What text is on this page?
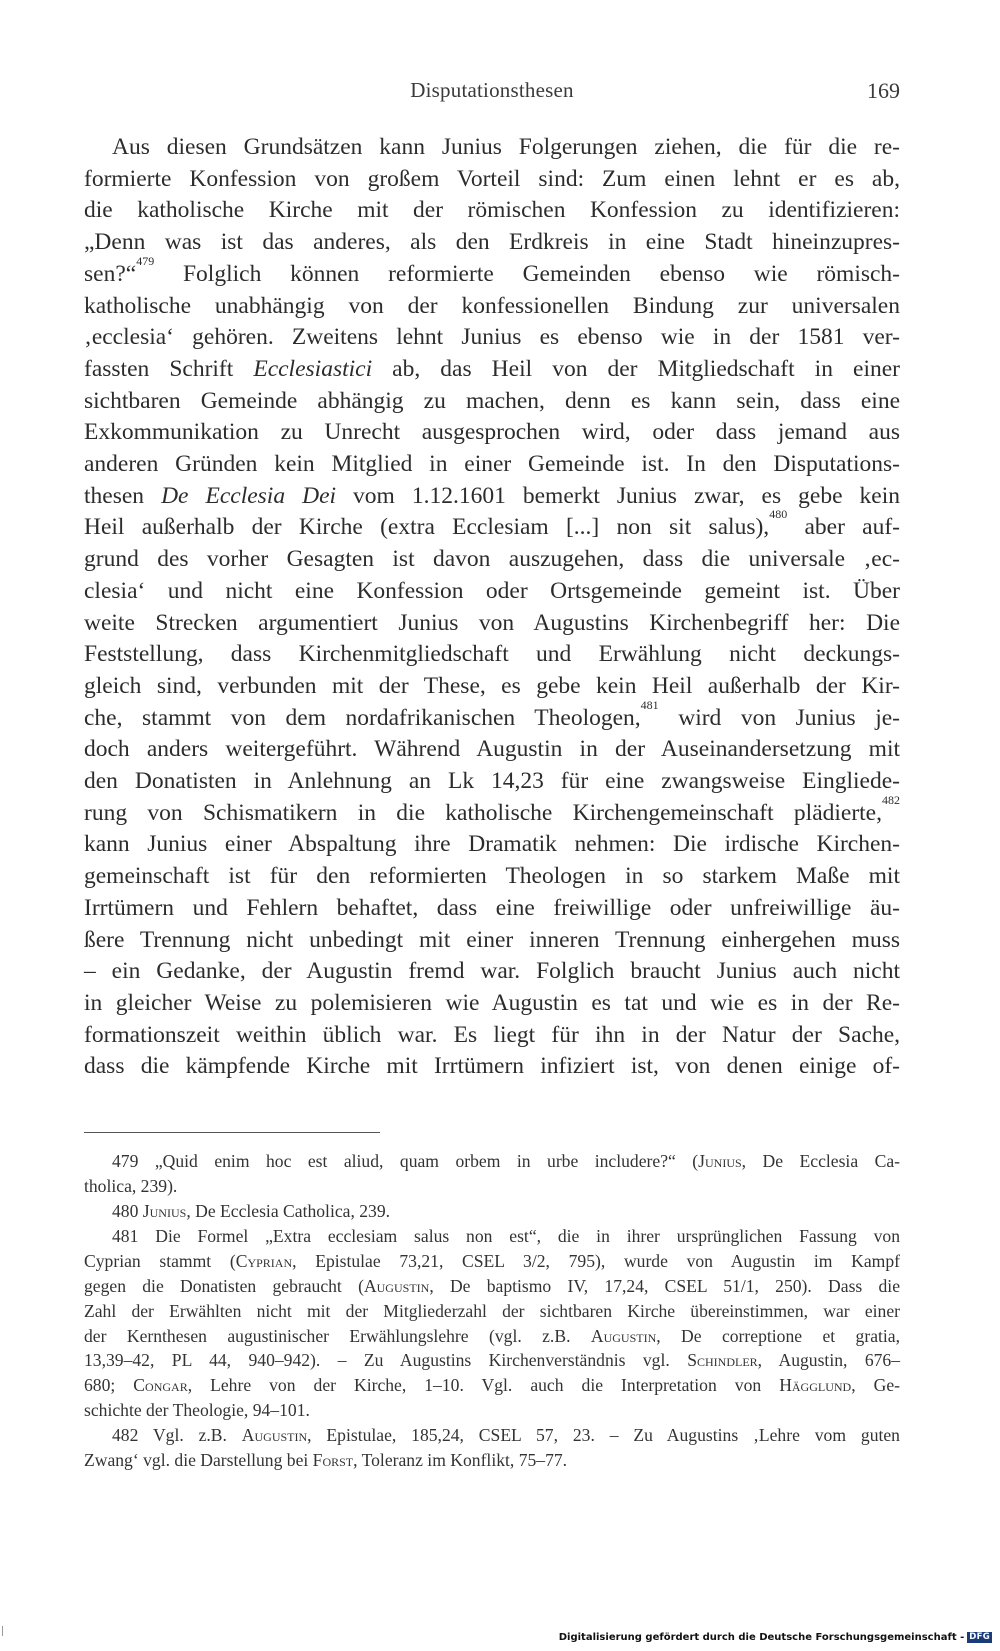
Disputationsthesen	169
Aus diesen Grundsätzen kann Junius Folgerungen ziehen, die für die re-
formierte Konfession von großem Vorteil sind: Zum einen lehnt er es ab,
die katholische Kirche mit der römischen Konfession zu identifizieren:
„Denn was ist das anderes, als den Erdkreis in eine Stadt hineinzupres-
sen?“$^{479}$ Folglich können reformierte Gemeinden ebenso wie römisch-
katholische unabhängig von der konfessionellen Bindung zur universalen
‚ecclesia‘ gehören. Zweitens lehnt Junius es ebenso wie in der 1581 ver-
fassten Schrift Ecclesiastici ab, das Heil von der Mitgliedschaft in einer
sichtbaren Gemeinde abhängig zu machen, denn es kann sein, dass eine
Exkommunikation zu Unrecht ausgesprochen wird, oder dass jemand aus
anderen Gründen kein Mitglied in einer Gemeinde ist. In den Disputations-
thesen De Ecclesia Dei vom 1.12.1601 bemerkt Junius zwar, es gebe kein
Heil außerhalb der Kirche (extra Ecclesiam [...] non sit salus),$^{480}$ aber auf-
grund des vorher Gesagten ist davon auszugehen, dass die universale ‚ec-
clesia‘ und nicht eine Konfession oder Ortsgemeinde gemeint ist. Über
weite Strecken argumentiert Junius von Augustins Kirchenbegriff her: Die
Feststellung, dass Kirchenmitgliedschaft und Erwählung nicht deckungs-
gleich sind, verbunden mit der These, es gebe kein Heil außerhalb der Kir-
che, stammt von dem nordafrikanischen Theologen,$^{481}$ wird von Junius je-
doch anders weitergeführt. Während Augustin in der Auseinandersetzung mit
den Donatisten in Anlehnung an Lk 14,23 für eine zwangsweise Eingliede-
rung von Schismatikern in die katholische Kirchengemeinschaft plädierte,$^{482}$
kann Junius einer Abspaltung ihre Dramatik nehmen: Die irdische Kirchen-
gemeinschaft ist für den reformierten Theologen in so starkem Maße mit
Irrtümern und Fehlern behaftet, dass eine freiwillige oder unfreiwillige äu-
ßere Trennung nicht unbedingt mit einer inneren Trennung einhergehen muss
– ein Gedanke, der Augustin fremd war. Folglich braucht Junius auch nicht
in gleicher Weise zu polemisieren wie Augustin es tat und wie es in der Re-
formationszeit weithin üblich war. Es liegt für ihn in der Natur der Sache,
dass die kämpfende Kirche mit Irrtümern infiziert ist, von denen einige of-
479 „Quid enim hoc est aliud, quam orbem in urbe includere?“ (Junius, De Ecclesia Ca-
tholica, 239).
480 Junius, De Ecclesia Catholica, 239.
481 Die Formel „Extra ecclesiam salus non est“, die in ihrer ursprünglichen Fassung von
Cyprian stammt (Cyprian, Epistulae 73,21, CSEL 3/2, 795), wurde von Augustin im Kampf
gegen die Donatisten gebraucht (Augustin, De baptismo IV, 17,24, CSEL 51/1, 250). Dass die
Zahl der Erwählten nicht mit der Mitgliederzahl der sichtbaren Kirche übereinstimmen, war einer
der Kernthesen augustinischer Erwählungslehre (vgl. z.B. Augustin, De correptione et gratia,
13,39–42, PL 44, 940–942). – Zu Augustins Kirchenverständnis vgl. Schindler, Augustin, 676–
680; Congar, Lehre von der Kirche, 1–10. Vgl. auch die Interpretation von Hägglund, Ge-
schichte der Theologie, 94–101.
482 Vgl. z.B. Augustin, Epistulae, 185,24, CSEL 57, 23. – Zu Augustins ‚Lehre vom guten
Zwang‘ vgl. die Darstellung bei Forst, Toleranz im Konflikt, 75–77.
Digitalisierung gefördert durch die Deutsche Forschungsgemeinschaft - DFG
